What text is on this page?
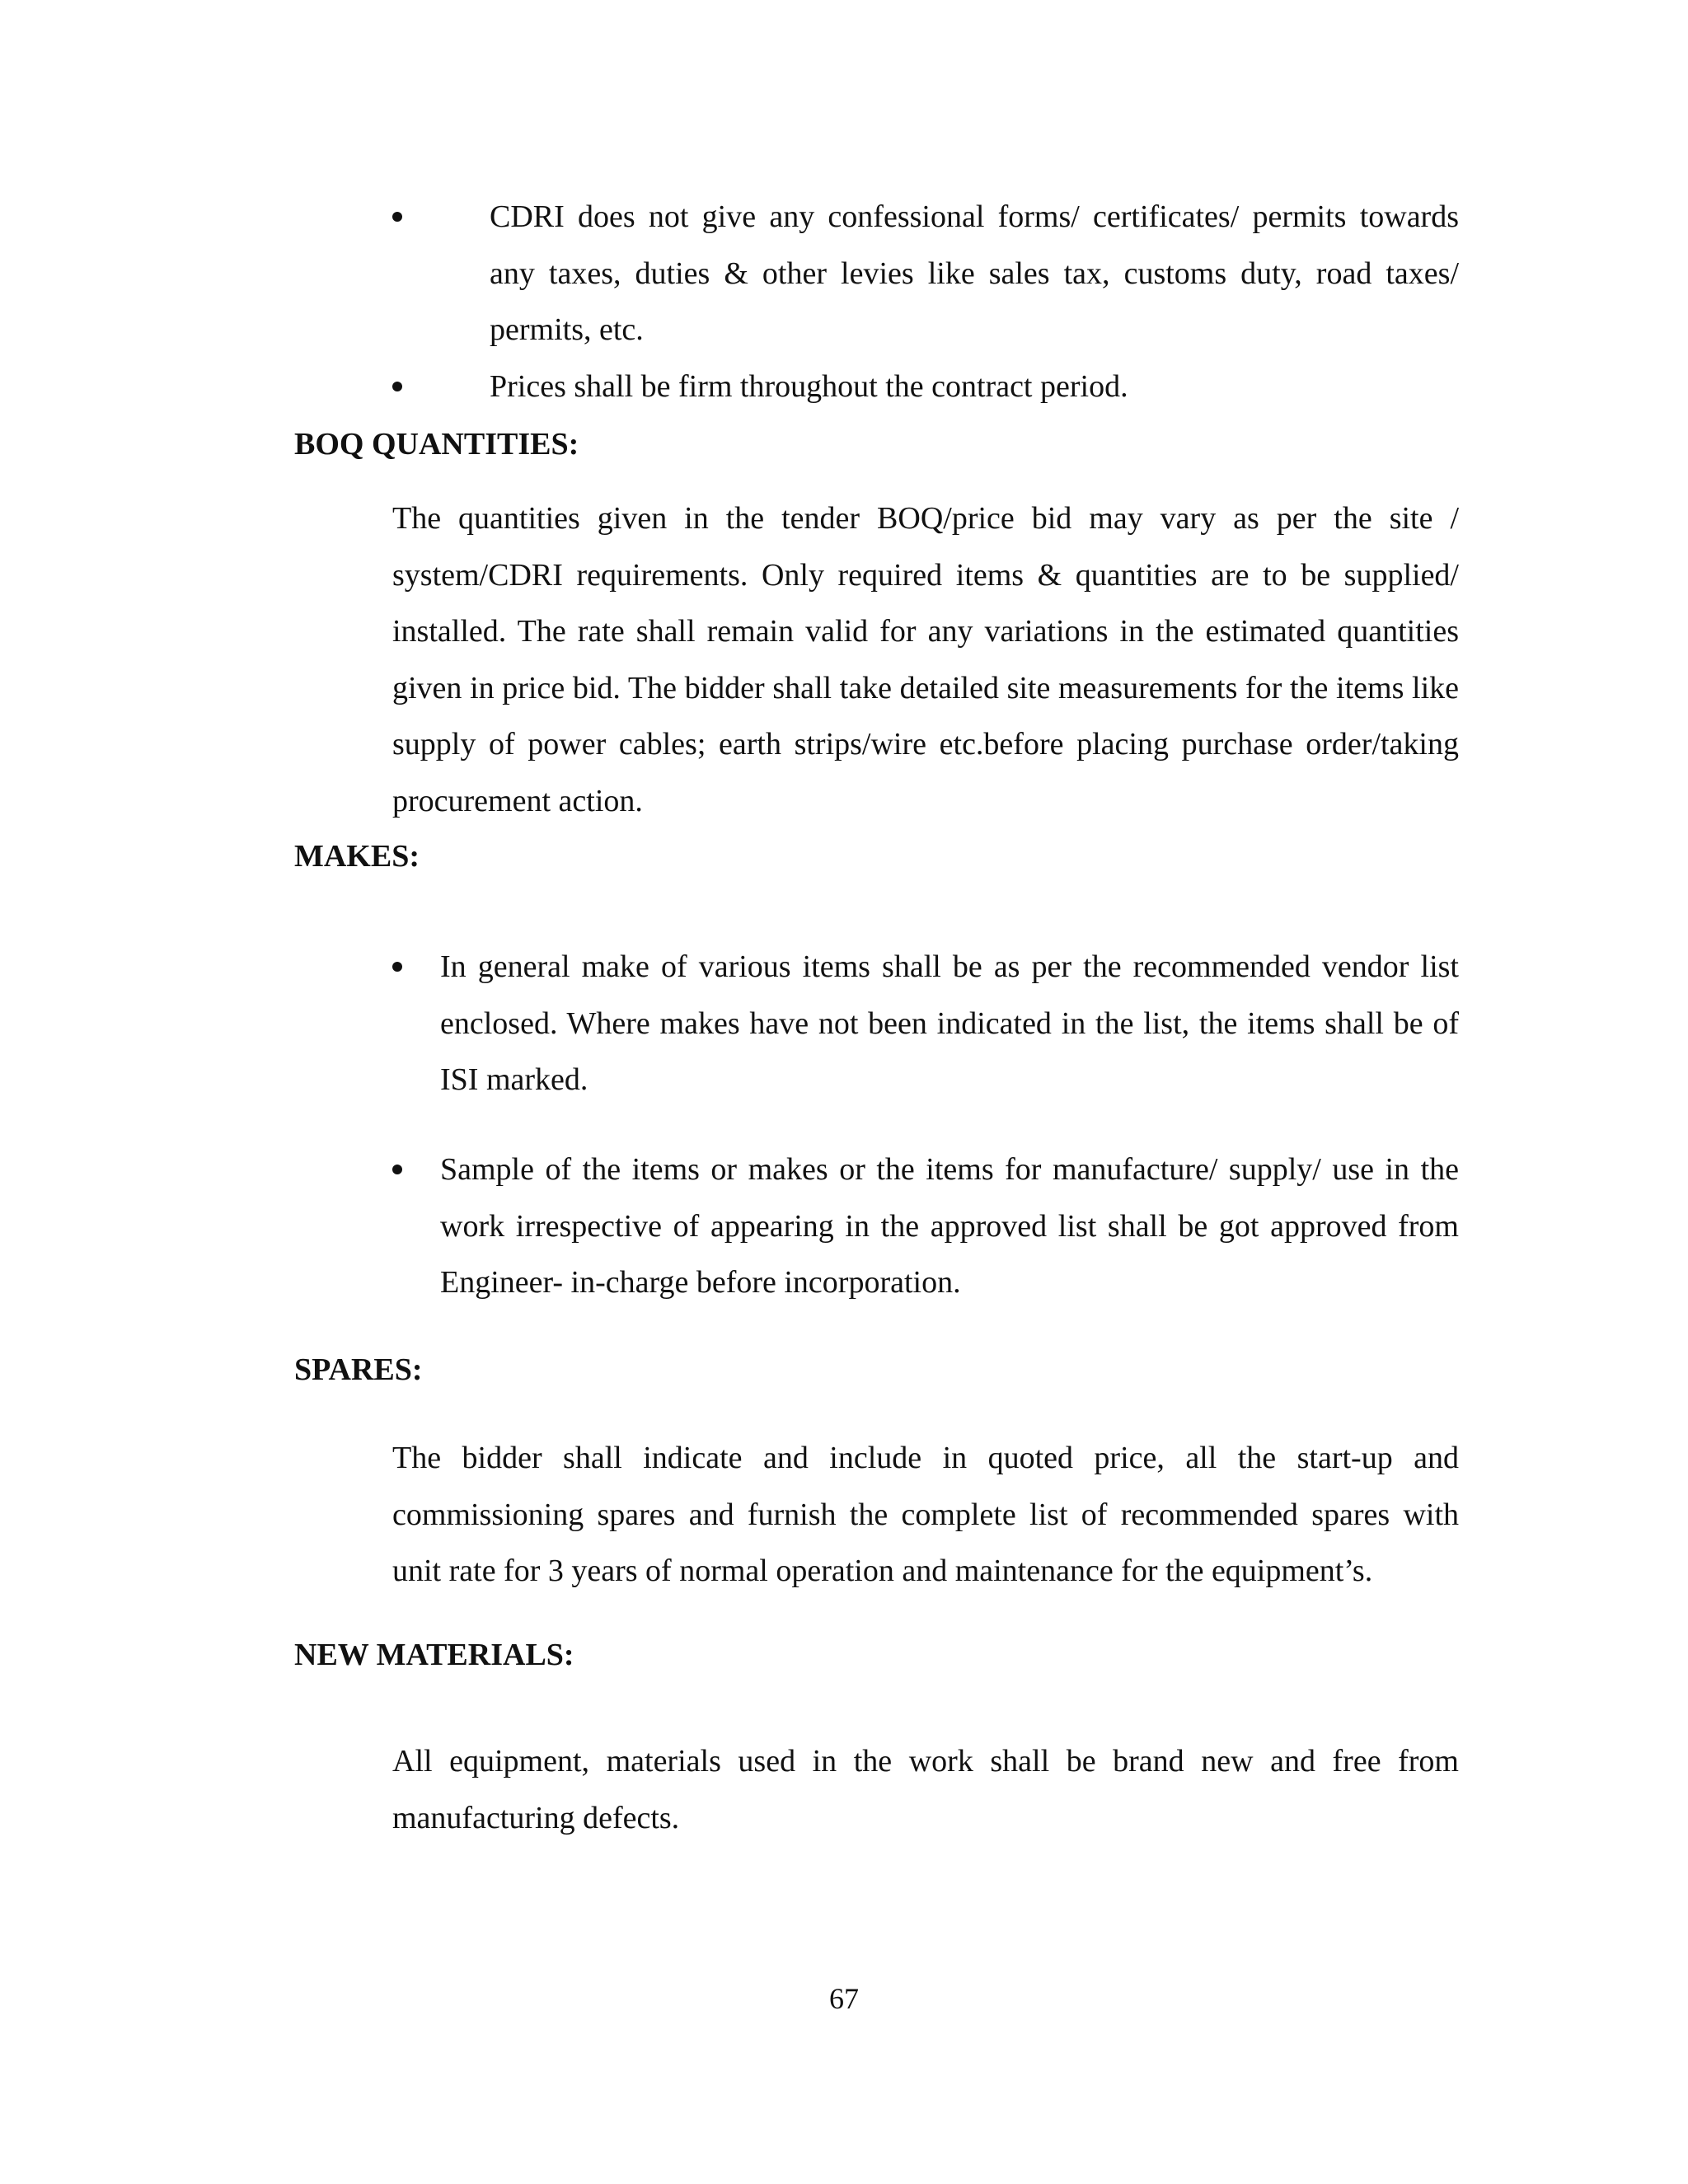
CDRI does not give any confessional forms/ certificates/ permits towards any taxes, duties & other levies like sales tax, customs duty, road taxes/ permits, etc.
Prices shall be firm throughout the contract period.
BOQ QUANTITIES:
The quantities given in the tender BOQ/price bid may vary as per the site / system/CDRI requirements. Only required items & quantities are to be supplied/ installed. The rate shall remain valid for any variations in the estimated quantities given in price bid. The bidder shall take detailed site measurements for the items like supply of power cables; earth strips/wire etc.before placing purchase order/taking procurement action.
MAKES:
In general make of various items shall be as per the recommended vendor list enclosed. Where makes have not been indicated in the list, the items shall be of ISI marked.
Sample of the items or makes or the items for manufacture/ supply/ use in the work irrespective of appearing in the approved list shall be got approved from Engineer- in-charge before incorporation.
SPARES:
The bidder shall indicate and include in quoted price, all the start-up and commissioning spares and furnish the complete list of recommended spares with unit rate for 3 years of normal operation and maintenance for the equipment’s.
NEW MATERIALS:
All equipment, materials used in the work shall be brand new and free from manufacturing defects.
67
